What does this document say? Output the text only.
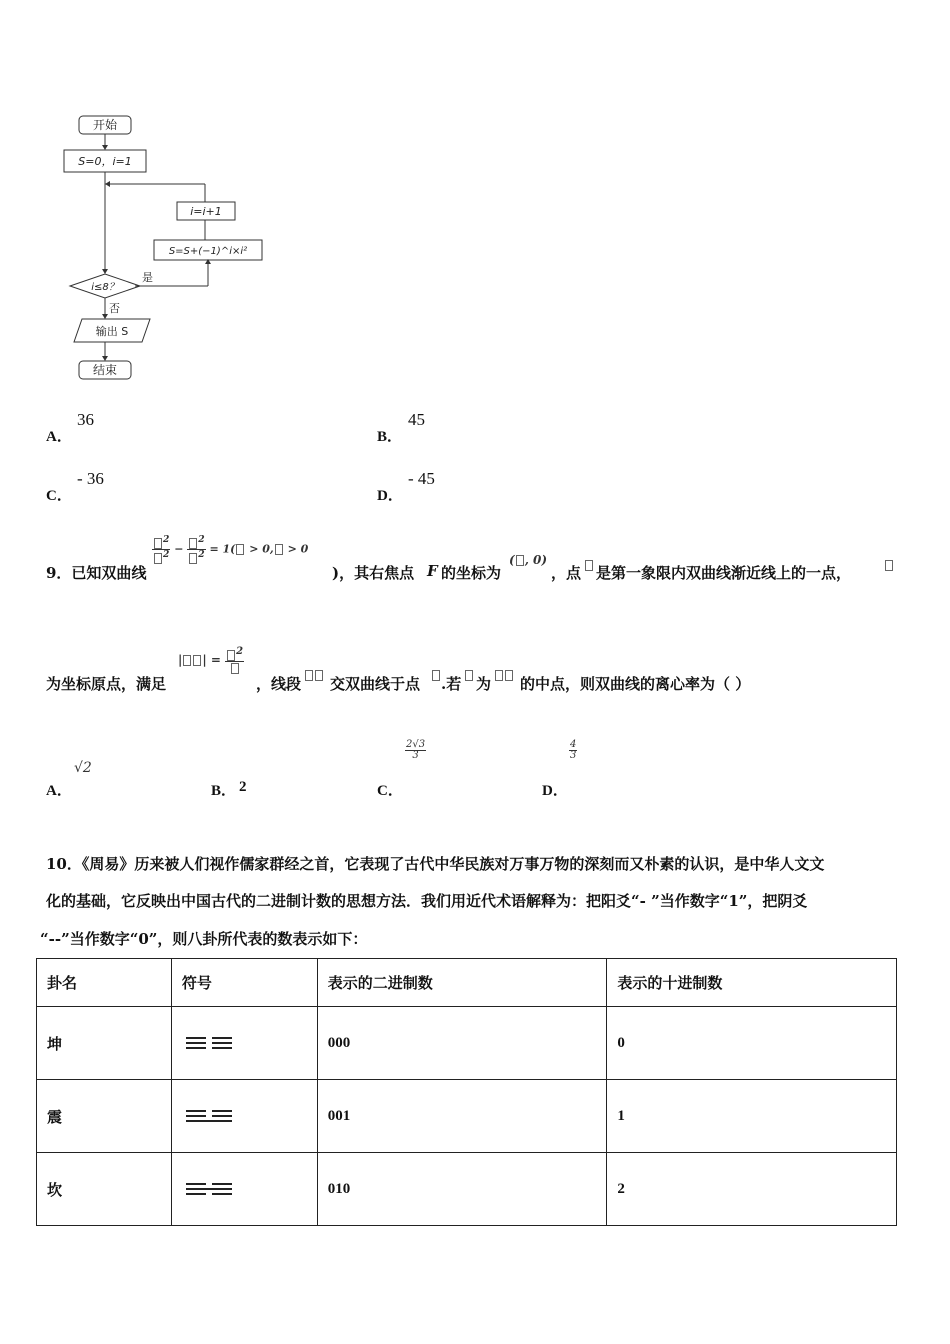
开始
S=0，i=1
i=i+1
S=S+(−1)^i×i²
i≤8？
是
否
输出 S
结束
A．
36
B．
45
C．
- 36
D．
- 45
9．已知双曲线
$\frac{^2}{^2} - \frac{^2}{^2} = 1( > 0$, > 0
)，其右焦点 F 的坐标为
( , 0)
，点 是第一象限内双曲线渐近线上的一点，
为坐标原点，满足
| | =
$^2$
，线段 交双曲线于点 .若 为 的中点，则双曲线的离心率为（ ）
A．
√2
B． 2	C．
$\frac{2√3}{3}$
D．
$\frac{4}{3}$
10．《周易》历来被人们视作儒家群经之首，它表现了古代中华民族对万事万物的深刻而又朴素的认识，是中华人文文
化的基础，它反映出中国古代的二进制计数的思想方法．我们用近代术语解释为：把阳爻“- ”当作数字“1”，把阴爻
“--”当作数字“0”，则八卦所代表的数表示如下：
卦名	符号	表示的二进制数	表示的十进制数
坤		000	0
震		001	1
坎		010	2
